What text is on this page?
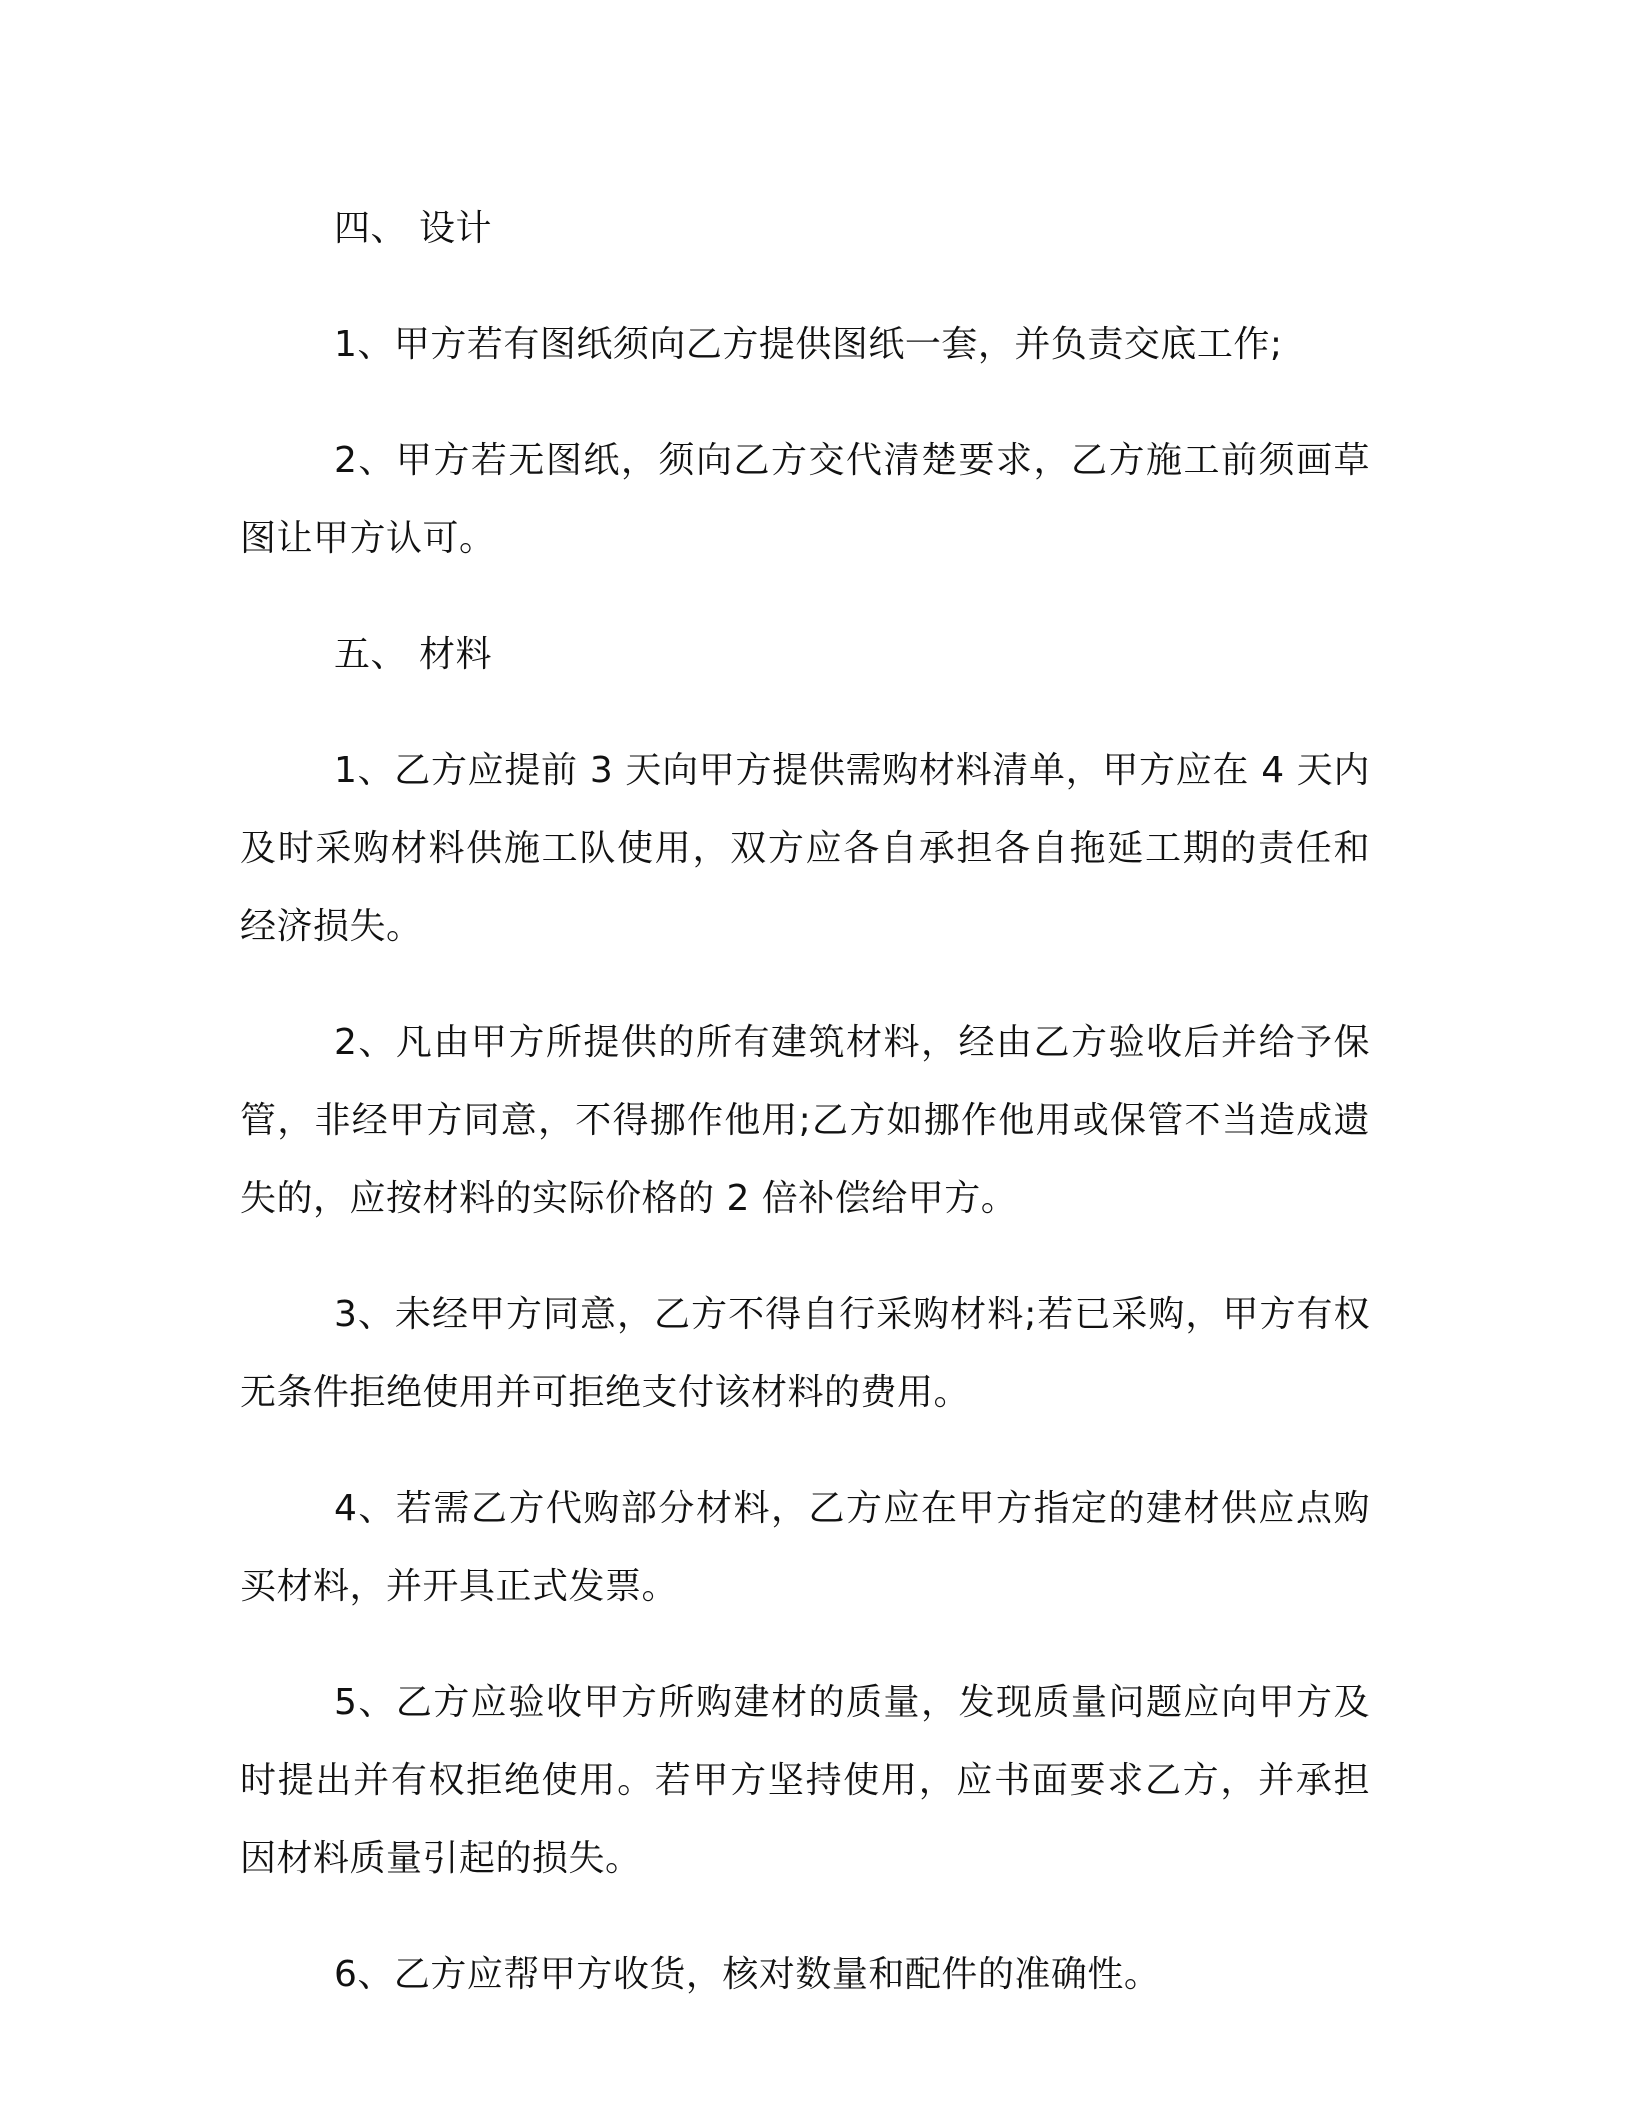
四、 设计

1、甲方若有图纸须向乙方提供图纸一套，并负责交底工作;

2、甲方若无图纸，须向乙方交代清楚要求，乙方施工前须画草图让甲方认可。

五、 材料

1、乙方应提前 3 天向甲方提供需购材料清单，甲方应在 4 天内及时采购材料供施工队使用，双方应各自承担各自拖延工期的责任和经济损失。

2、凡由甲方所提供的所有建筑材料，经由乙方验收后并给予保管，非经甲方同意，不得挪作他用;乙方如挪作他用或保管不当造成遗失的，应按材料的实际价格的 2 倍补偿给甲方。

3、未经甲方同意，乙方不得自行采购材料;若已采购，甲方有权无条件拒绝使用并可拒绝支付该材料的费用。

4、若需乙方代购部分材料，乙方应在甲方指定的建材供应点购买材料，并开具正式发票。

5、乙方应验收甲方所购建材的质量，发现质量问题应向甲方及时提出并有权拒绝使用。若甲方坚持使用，应书面要求乙方，并承担因材料质量引起的损失。

6、乙方应帮甲方收货，核对数量和配件的准确性。
